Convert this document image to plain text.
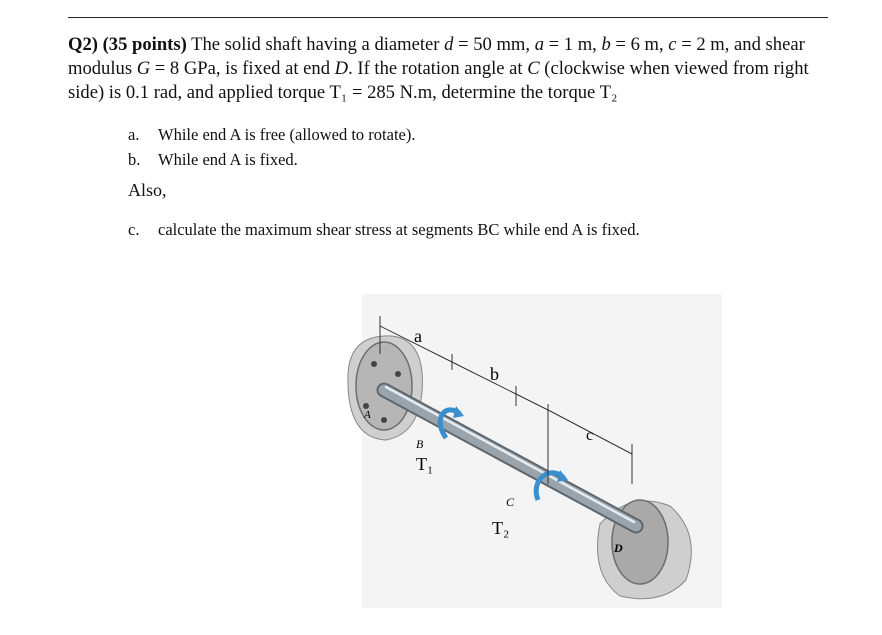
Q2) (35 points) The solid shaft having a diameter d = 50 mm, a = 1 m, b = 6 m, c = 2 m, and shear modulus G = 8 GPa, is fixed at end D. If the rotation angle at C (clockwise when viewed from right side) is 0.1 rad, and applied torque T₁ = 285 N.m, determine the torque T₂
a. While end A is free (allowed to rotate).
b. While end A is fixed.
Also,
c. calculate the maximum shear stress at segments BC while end A is fixed.
a
b
c
A
B
T₁
C
T₂
D
